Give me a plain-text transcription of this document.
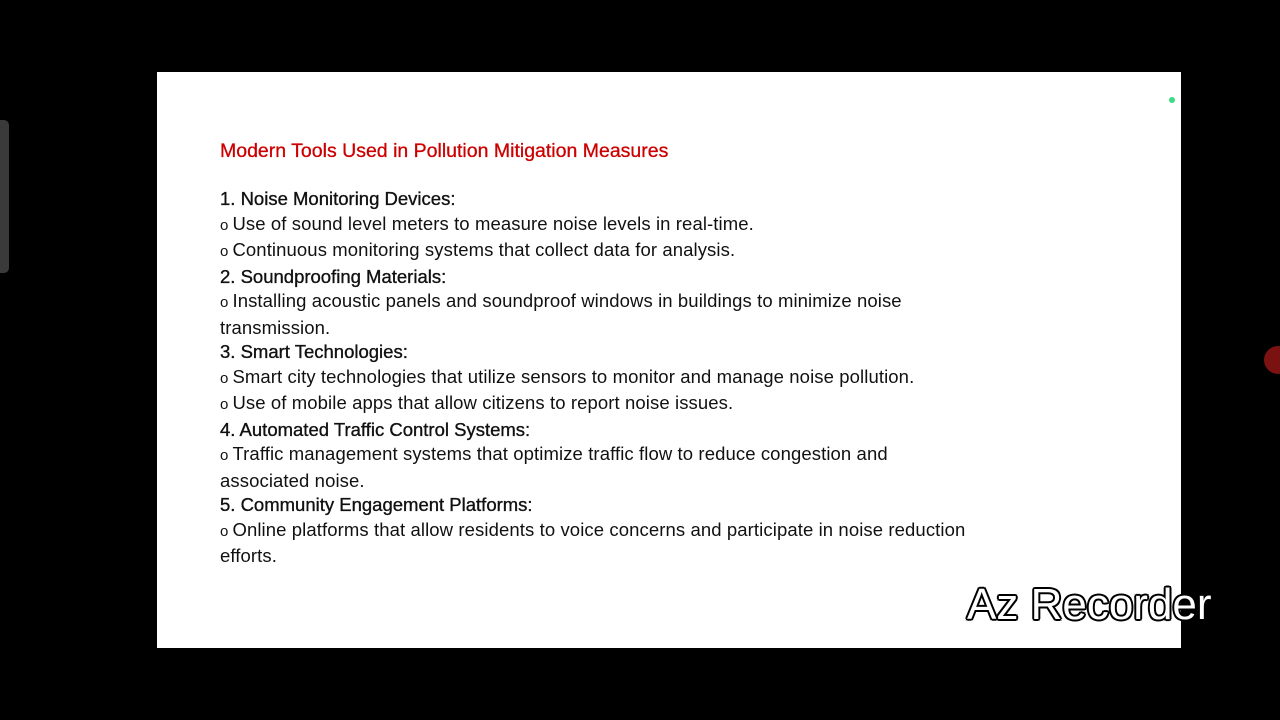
Modern Tools Used in Pollution Mitigation Measures

1. Noise Monitoring Devices:

o Use of sound level meters to measure noise levels in real-time.

o Continuous monitoring systems that collect data for analysis.

2. Soundproofing Materials:

o Installing acoustic panels and soundproof windows in buildings to minimize noise transmission.

3. Smart Technologies:

o Smart city technologies that utilize sensors to monitor and manage noise pollution.

o Use of mobile apps that allow citizens to report noise issues.

4. Automated Traffic Control Systems:

o Traffic management systems that optimize traffic flow to reduce congestion and associated noise.

5. Community Engagement Platforms:

o Online platforms that allow residents to voice concerns and participate in noise reduction efforts.

Az Recorder
